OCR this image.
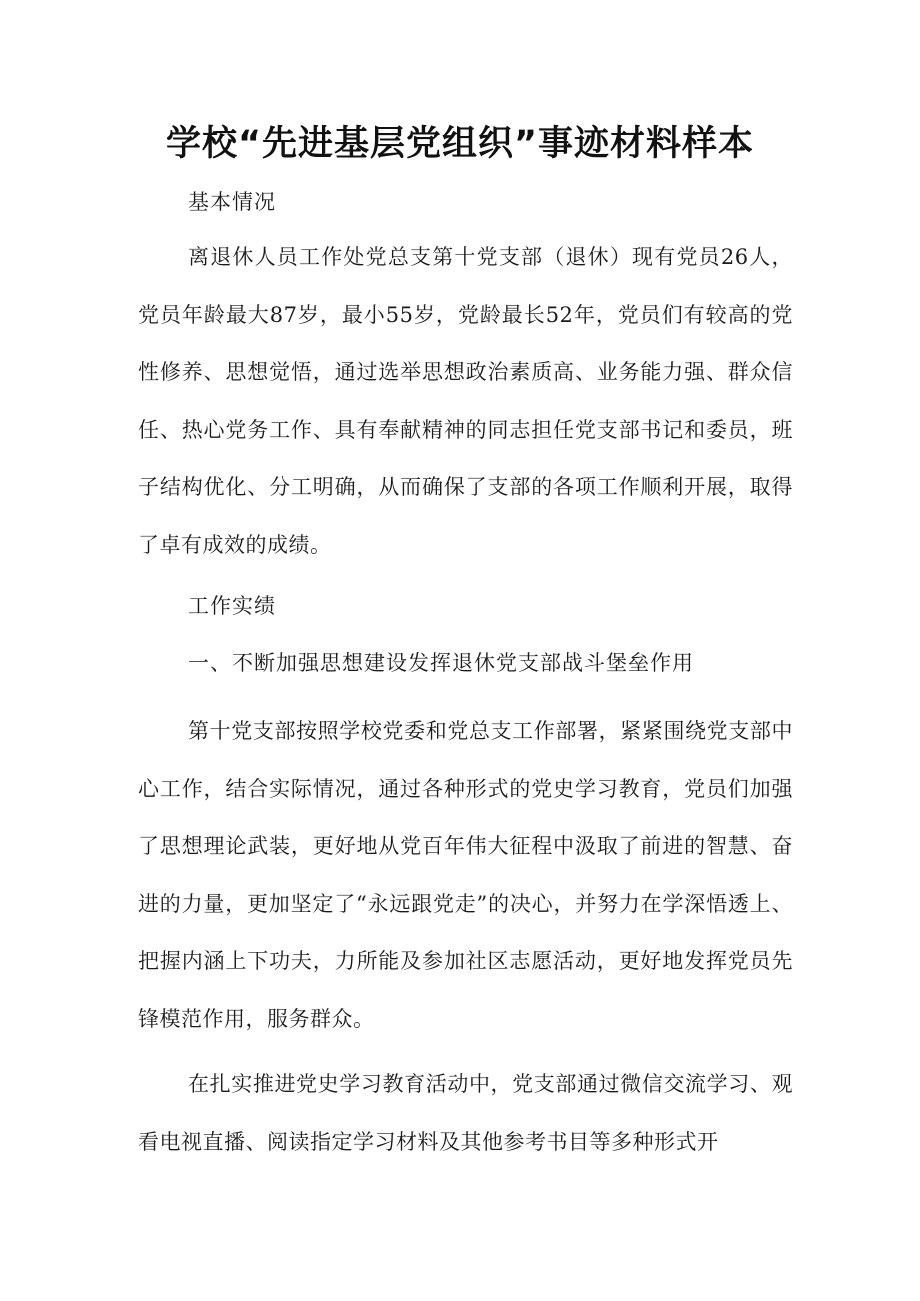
学校“先进基层党组织”事迹材料样本
基本情况
离退休人员工作处党总支第十党支部（退休）现有党员26人，党员年龄最大87岁，最小55岁，党龄最长52年，党员们有较高的党性修养、思想觉悟，通过选举思想政治素质高、业务能力强、群众信任、热心党务工作、具有奉献精神的同志担任党支部书记和委员，班子结构优化、分工明确，从而确保了支部的各项工作顺利开展，取得了卓有成效的成绩。
工作实绩
一、不断加强思想建设发挥退休党支部战斗堡垒作用
第十党支部按照学校党委和党总支工作部署，紧紧围绕党支部中心工作，结合实际情况，通过各种形式的党史学习教育，党员们加强了思想理论武装，更好地从党百年伟大征程中汲取了前进的智慧、奋进的力量，更加坚定了“永远跟党走”的决心，并努力在学深悟透上、把握内涵上下功夫，力所能及参加社区志愿活动，更好地发挥党员先锋模范作用，服务群众。
在扎实推进党史学习教育活动中，党支部通过微信交流学习、观看电视直播、阅读指定学习材料及其他参考书目等多种形式开
